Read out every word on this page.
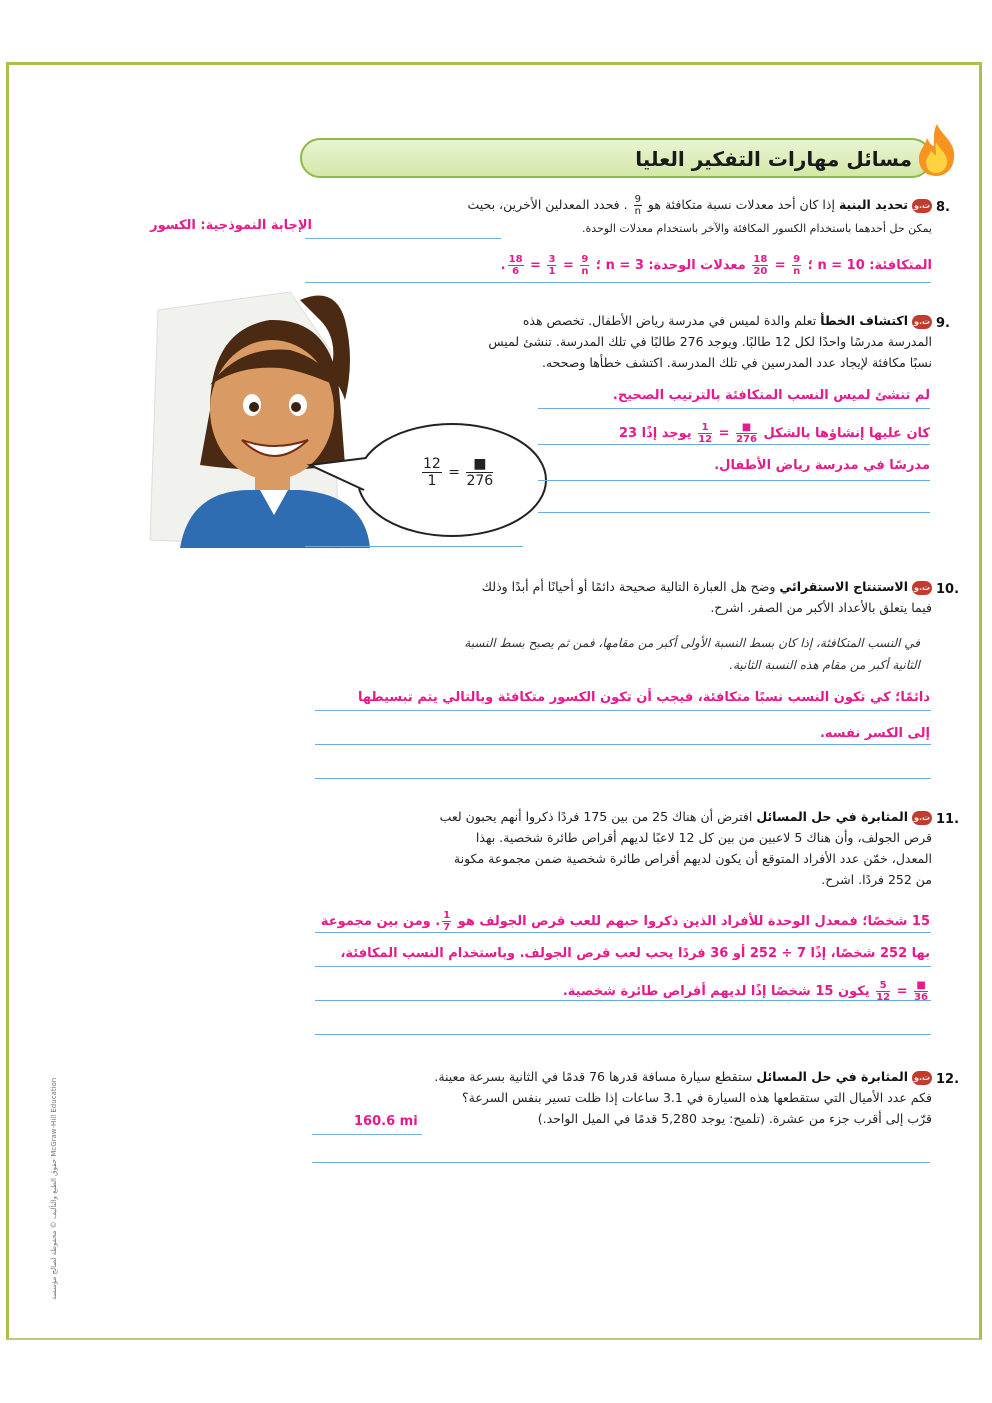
مسائل مهارات التفكير العليا
8.
ت.وتحديد البنية إذا كان أحد معدلات نسبة متكافئة هو
$\frac{9}{n}$
. فحدد المعدلين الأخرين، بحيث
يمكن حل أحدهما باستخدام الكسور المكافئة والآخر باستخدام معدلات الوحدة.
الإجابة النموذجية: الكسور
المتكافئة: n = 10 ؛
$\frac{9}{n}$
=
$\frac{18}{20}$
معدلات الوحدة: n = 3 ؛
$\frac{9}{n}$
=
$\frac{3}{1}$
=
$\frac{18}{6}$
.
$\frac{12}{1} = \frac{■}{276}$
9.
ت.واكتشاف الخطأ تعلم والدة لميس في مدرسة رياض الأطفال. تخصص هذه
المدرسة مدرسًا واحدًا لكل 12 طالبًا. ويوجد 276 طالبًا في تلك المدرسة. تنشئ لميس
نسبًا مكافئة لإيجاد عدد المدرسين في تلك المدرسة. اكتشف خطأها وصححه.
لم تنشئ لميس النسب المتكافئة بالترتيب الصحيح.
كان عليها إنشاؤها بالشكل
$\frac{■}{276}$
=
$\frac{1}{12}$
يوجد إذًا 23
مدرسًا في مدرسة رياض الأطفال.
10.
ت.والاستنتاج الاستقرائي وضح هل العبارة التالية صحيحة دائمًا أو أحيانًا أم أبدًا وذلك
فيما يتعلق بالأعداد الأكبر من الصفر. اشرح.
في النسب المتكافئة، إذا كان بسط النسبة الأولى أكبر من مقامها، فمن ثم يصبح بسط النسبة
الثانية أكبر من مقام هذه النسبة الثانية.
دائمًا؛ كي تكون النسب نسبًا متكافئة، فيجب أن تكون الكسور متكافئة وبالتالي يتم تبسيطها
إلى الكسر نفسه.
11.
ت.والمثابرة في حل المسائل افترض أن هناك 25 من بين 175 فردًا ذكروا أنهم يحبون لعب
قرص الجولف، وأن هناك 5 لاعبين من بين كل 12 لاعبًا لديهم أقراص طائرة شخصية. بهذا
المعدل، خمّن عدد الأفراد المتوقع أن يكون لديهم أقراص طائرة شخصية ضمن مجموعة مكونة
من 252 فردًا. اشرح.
15 شخصًا؛ فمعدل الوحدة للأفراد الذين ذكروا حبهم للعب قرص الجولف هو
$\frac{1}{7}$
. ومن بين مجموعة
بها 252 شخصًا، إذًا 7 ÷ 252 أو 36 فردًا يحب لعب قرص الجولف. وباستخدام النسب المكافئة،
$\frac{■}{36}$
=
$\frac{5}{12}$
يكون 15 شخصًا إذًا لديهم أقراص طائرة شخصية.
12.
ت.والمثابرة في حل المسائل ستقطع سيارة مسافة قدرها 76 قدمًا في الثانية بسرعة معينة.
فكم عدد الأميال التي ستقطعها هذه السيارة في 3.1 ساعات إذا ظلت تسير بنفس السرعة؟
قرّب إلى أقرب جزء من عشرة. (تلميح: يوجد 5,280 قدمًا في الميل الواحد.)
160.6 mi
حقوق الطبع والتأليف © محفوظة لصالح مؤسسة McGraw-Hill Education
